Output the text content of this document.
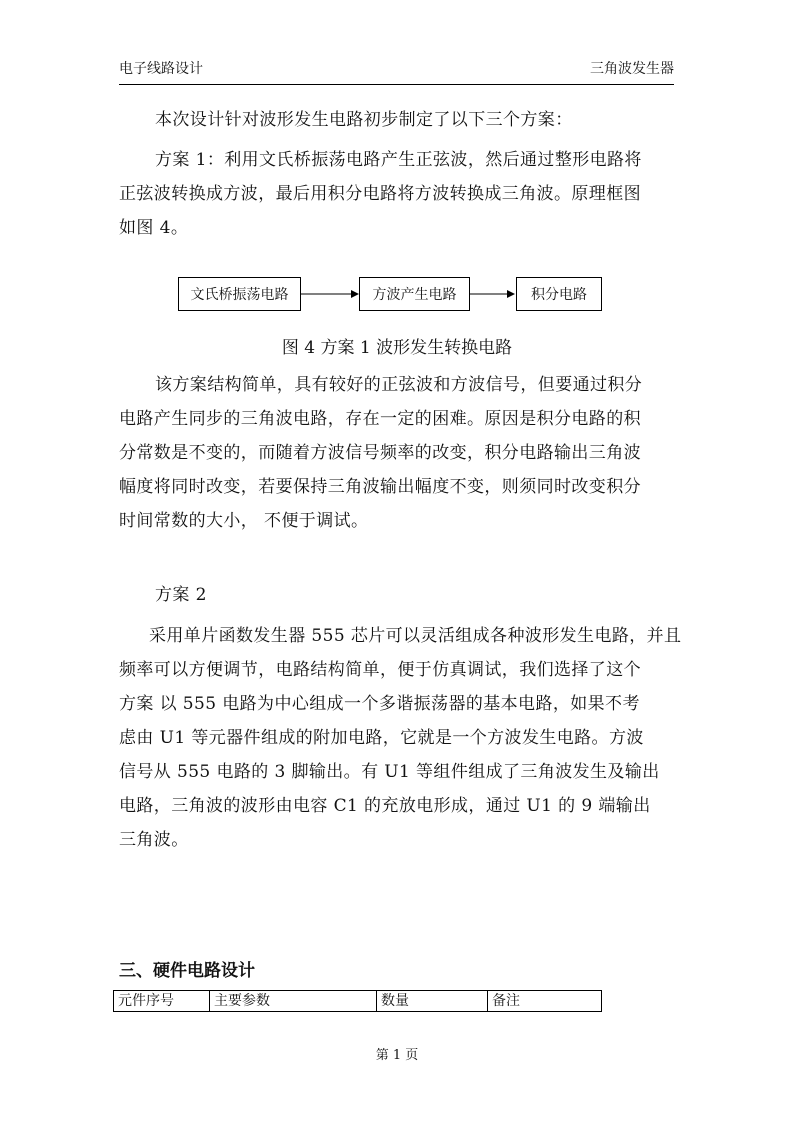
电子线路设计	三角波发生器
本次设计针对波形发生电路初步制定了以下三个方案：
方案 1：利用文氏桥振荡电路产生正弦波，然后通过整形电路将
正弦波转换成方波，最后用积分电路将方波转换成三角波。原理框图
如图 4。
文氏桥振荡电路	方波产生电路	积分电路
图 4 方案 1 波形发生转换电路
该方案结构简单，具有较好的正弦波和方波信号，但要通过积分
电路产生同步的三角波电路，存在一定的困难。原因是积分电路的积
分常数是不变的，而随着方波信号频率的改变，积分电路输出三角波
幅度将同时改变，若要保持三角波输出幅度不变，则须同时改变积分
时间常数的大小， 不便于调试。
方案 2
采用单片函数发生器 555 芯片可以灵活组成各种波形发生电路，并且
频率可以方便调节，电路结构简单，便于仿真调试，我们选择了这个
方案 以 555 电路为中心组成一个多谐振荡器的基本电路，如果不考
虑由 U1 等元器件组成的附加电路，它就是一个方波发生电路。方波
信号从 555 电路的 3 脚输出。有 U1 等组件组成了三角波发生及输出
电路，三角波的波形由电容 C1 的充放电形成，通过 U1 的 9 端输出
三角波。
三、硬件电路设计
元件序号	主要参数	数量	备注
第 1 页
